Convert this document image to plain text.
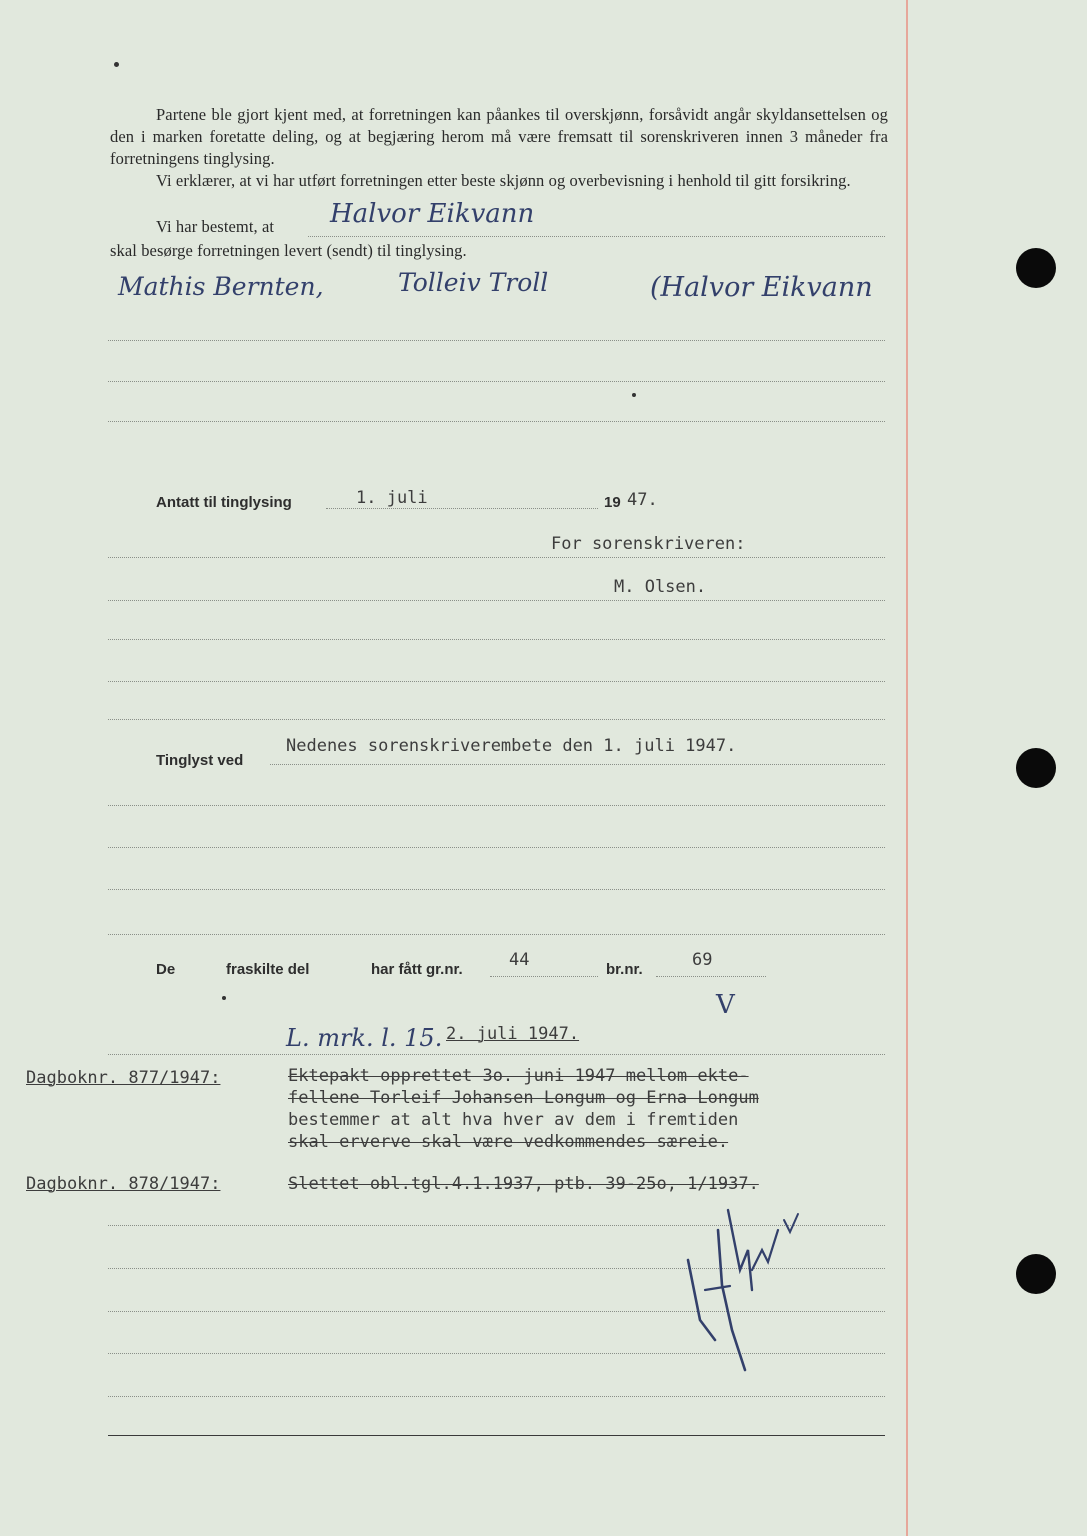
Partene ble gjort kjent med, at forretningen kan påankes til overskjønn, forsåvidt angår skyldansettelsen og den i marken foretatte deling, og at begjæring herom må være fremsatt til sorenskriveren innen 3 måneder fra forretningens tinglysing.

Vi erklærer, at vi har utført forretningen etter beste skjønn og overbevisning i henhold til gitt forsikring.

Vi har bestemt, at	Halvor Eikvann

skal besørge forretningen levert (sendt) til tinglysing.

Mathis Bernten,	Tolleiv Troll	(Halvor Eikvann
Antatt til tinglysing	1. juli	19 47.
For sorenskriveren:
M. Olsen.
Tinglyst ved
Nedenes sorenskriverembete den 1. juli 1947.
De	fraskilte del	har fått gr.nr.	44	br.nr.	69
V
L. mrk. l. 15. 2. juli 1947.
Dagboknr. 877/1947:	Ektepakt opprettet 3o. juni 1947 mellom ekte-
fellene Torleif Johansen Longum og Erna Longum
bestemmer at alt hva hver av dem i fremtiden
skal erverve skal være vedkommendes særeie.
Dagboknr. 878/1947:	Slettet obl.tgl.4.1.1937, ptb. 39-25o, 1/1937.
